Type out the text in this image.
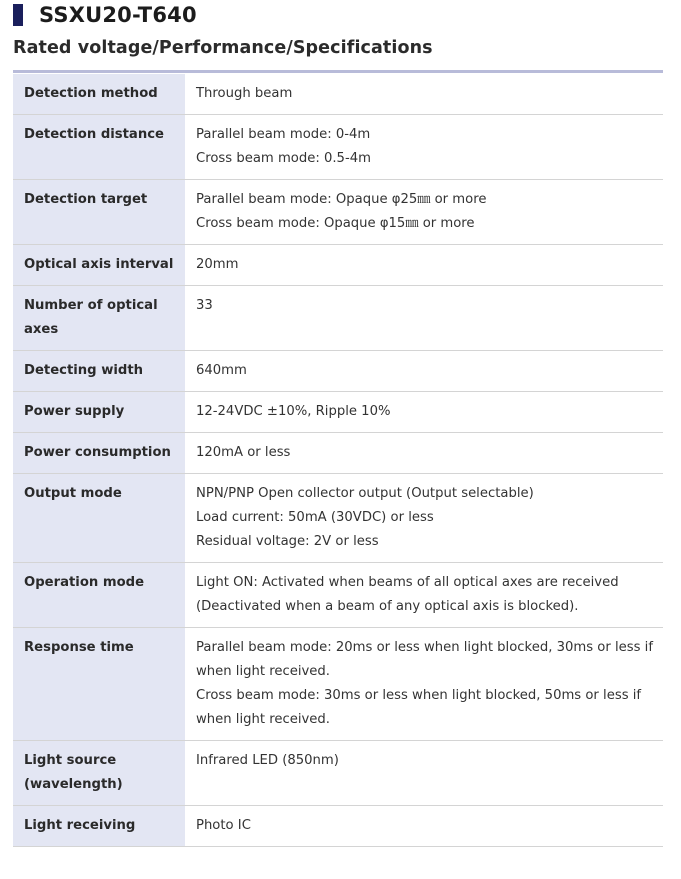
SSXU20-T640
Rated voltage/Performance/Specifications
Detection method	Through beam

Detection distance	Parallel beam mode: 0-4m
Cross beam mode: 0.5-4m

Detection target	Parallel beam mode: Opaque φ25㎜ or more
Cross beam mode: Opaque φ15㎜ or more

Optical axis interval	20mm

Number of optical axes	33

Detecting width	640mm

Power supply	12-24VDC ±10%, Ripple 10%

Power consumption	120mA or less

Output mode	NPN/PNP Open collector output (Output selectable)
Load current: 50mA (30VDC) or less
Residual voltage: 2V or less

Operation mode	Light ON: Activated when beams of all optical axes are received
(Deactivated when a beam of any optical axis is blocked).

Response time	Parallel beam mode: 20ms or less when light blocked, 30ms or less if when light received.
Cross beam mode: 30ms or less when light blocked, 50ms or less if when light received.

Light source (wavelength)	Infrared LED (850nm)

Light receiving	Photo IC
